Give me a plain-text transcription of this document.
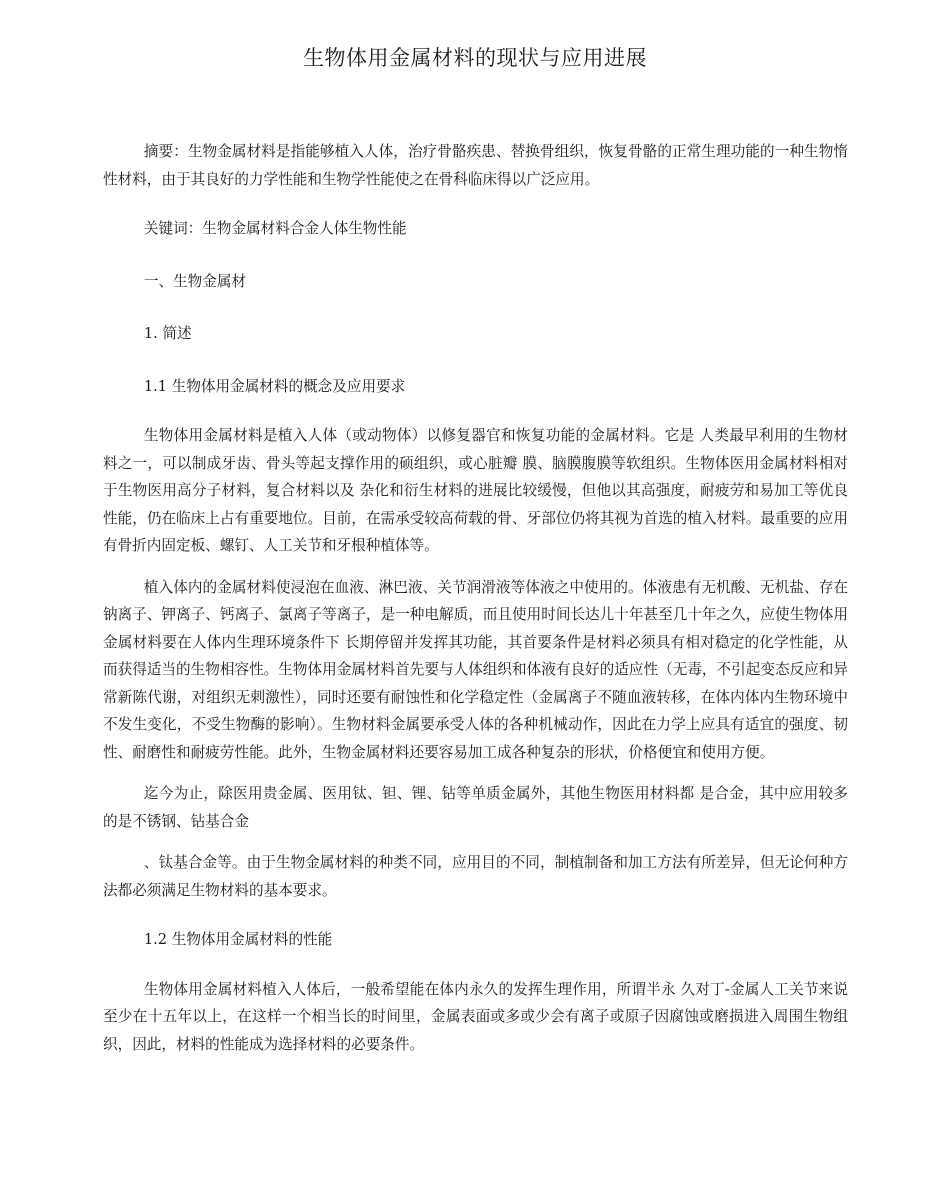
生物体用金属材料的现状与应用进展

摘要：生物金属材料是指能够植入人体，治疗骨骼疾患、替换骨组织，恢复骨骼的正常生理功能的一种生物惰性材料，由于其良好的力学性能和生物学性能使之在骨科临床得以广泛应用。

关键词：生物金属材料合金人体生物性能

一、生物金属材

1. 简述

1.1 生物体用金属材料的概念及应用要求

生物体用金属材料是植入人体（或动物体）以修复器官和恢复功能的金属材料。它是 人类最早利用的生物材料之一，可以制成牙齿、骨头等起支撑作用的硕组织，或心脏瓣 膜、脑膜腹膜等软组织。生物体医用金属材料相对于生物医用高分子材料，复合材料以及 杂化和衍生材料的进展比较缓慢，但他以其高强度，耐疲劳和易加工等优良性能，仍在临床上占有重要地位。目前，在需承受较高荷载的骨、牙部位仍将其视为首选的植入材料。最重要的应用有骨折内固定板、螺钉、人工关节和牙根种植体等。

植入体内的金属材料使浸泡在血液、淋巴液、关节润滑液等体液之中使用的。体液患有无机酸、无机盐、存在钠离子、钾离子、钙离子、氯离子等离子，是一种电解质，而且使用时间长达儿十年甚至几十年之久，应使生物体用金属材料要在人体内生理环境条件下 长期停留并发挥其功能，其首要条件是材料必须具有相对稳定的化学性能，从而获得适当的生物相容性。生物体用金属材料首先要与人体组织和体液有良好的适应性（无毒，不引起变态反应和异常新陈代谢，对组织无剌激性），同时还要有耐蚀性和化学稳定性（金属离子不随血液转移，在体内体内生物环境中不发生变化，不受生物酶的影响）。生物材料金属要承受人体的各种机械动作，因此在力学上应具有适宜的强度、韧性、耐磨性和耐疲劳性能。此外，生物金属材料还要容易加工成各种复杂的形状，价格便宜和使用方便。

迄今为止，除医用贵金属、医用钛、钽、锂、钻等单质金属外，其他生物医用材料都 是合金，其中应用较多的是不锈钢、钻基合金

、钛基合金等。由于生物金属材料的种类不同，应用目的不同，制植制备和加工方法有所差异，但无论何种方法都必须满足生物材料的基本要求。

1.2 生物体用金属材料的性能

生物体用金属材料植入人体后，一般希望能在体内永久的发挥生理作用，所谓半永 久对丁-金属人工关节来说至少在十五年以上，在这样一个相当长的时间里，金属表面或多或少会有离子或原子因腐蚀或磨损进入周围生物组织，因此，材料的性能成为选择材料的必要条件。
